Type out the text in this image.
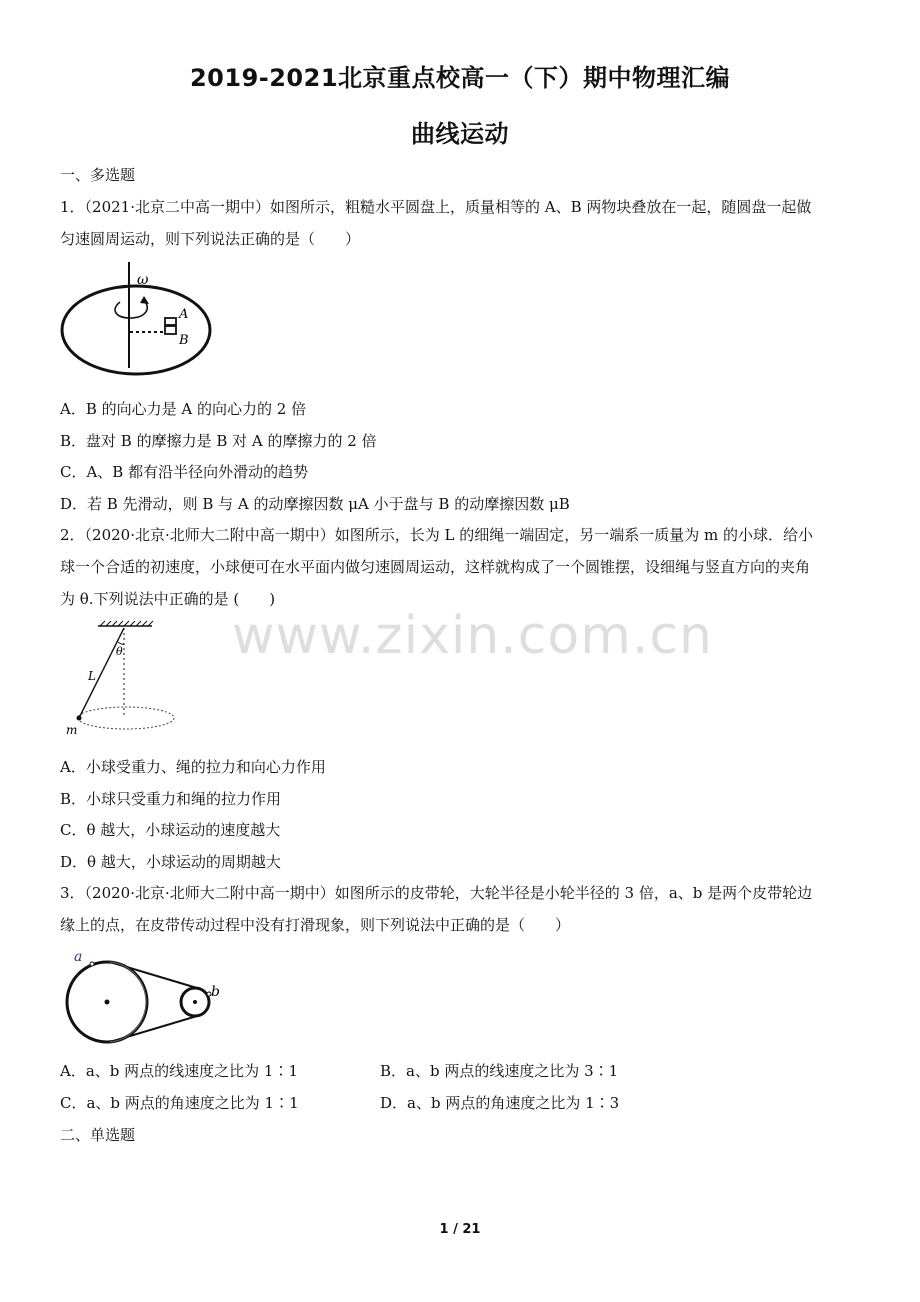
2019-2021北京重点校高一（下）期中物理汇编
曲线运动
www.zixin.com.cn
一、多选题
1．（2021·北京二中高一期中）如图所示，粗糙水平圆盘上，质量相等的 A、B 两物块叠放在一起，随圆盘一起做
匀速圆周运动，则下列说法正确的是（　　）
ω
A
B
A．B 的向心力是 A 的向心力的 2 倍
B．盘对 B 的摩擦力是 B 对 A 的摩擦力的 2 倍
C．A、B 都有沿半径向外滑动的趋势
D．若 B 先滑动，则 B 与 A 的动摩擦因数 μA 小于盘与 B 的动摩擦因数 μB
2．（2020·北京·北师大二附中高一期中）如图所示，长为 L 的细绳一端固定，另一端系一质量为 m 的小球．给小
球一个合适的初速度，小球便可在水平面内做匀速圆周运动，这样就构成了一个圆锥摆，设细绳与竖直方向的夹角
为 θ.下列说法中正确的是 (　　)
θ
L
m
A．小球受重力、绳的拉力和向心力作用
B．小球只受重力和绳的拉力作用
C．θ 越大，小球运动的速度越大
D．θ 越大，小球运动的周期越大
3．（2020·北京·北师大二附中高一期中）如图所示的皮带轮，大轮半径是小轮半径的 3 倍，a、b 是两个皮带轮边
缘上的点，在皮带传动过程中没有打滑现象，则下列说法中正确的是（　　）
a
b
A．a、b 两点的线速度之比为 1∶1	B．a、b 两点的线速度之比为 3∶1
C．a、b 两点的角速度之比为 1∶1	D．a、b 两点的角速度之比为 1∶3
二、单选题
1 / 21
